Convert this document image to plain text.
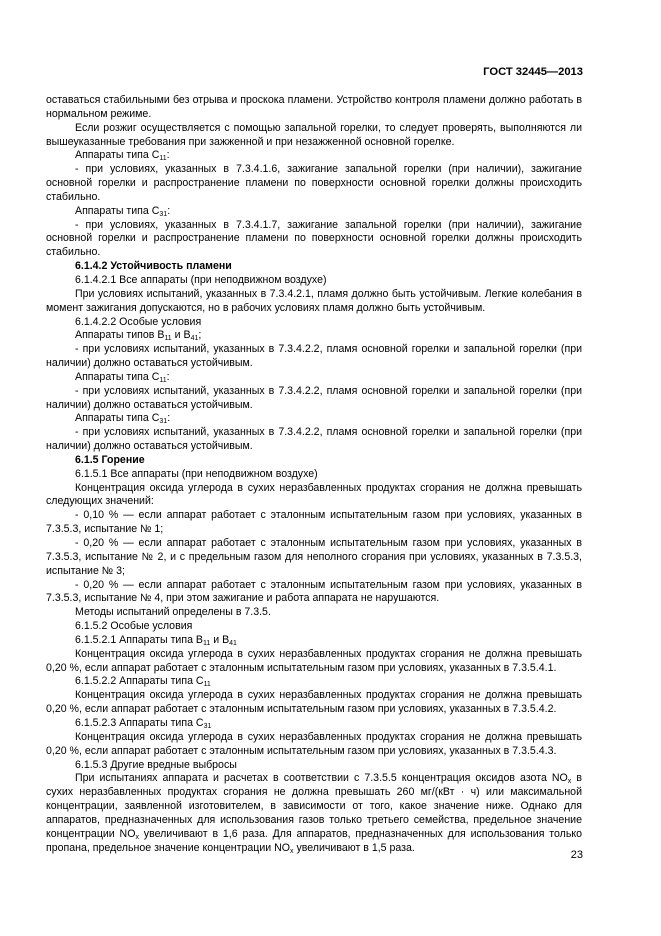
ГОСТ 32445—2013

оставаться стабильными без отрыва и проскока пламени. Устройство контроля пламени должно работать в нормальном режиме.

Если розжиг осуществляется с помощью запальной горелки, то следует проверять, выполняются ли вышеуказанные требования при зажженной и при незажженной основной горелке.

Аппараты типа $С_{11}$:

- при условиях, указанных в 7.3.4.1.6, зажигание запальной горелки (при наличии), зажигание основной горелки и распространение пламени по поверхности основной горелки должны происходить стабильно.

Аппараты типа $С_{31}$:

- при условиях, указанных в 7.3.4.1.7, зажигание запальной горелки (при наличии), зажигание основной горелки и распространение пламени по поверхности основной горелки должны происходить стабильно.

6.1.4.2 Устойчивость пламени

6.1.4.2.1 Все аппараты (при неподвижном воздухе)

При условиях испытаний, указанных в 7.3.4.2.1, пламя должно быть устойчивым. Легкие колебания в момент зажигания допускаются, но в рабочих условиях пламя должно быть устойчивым.

6.1.4.2.2 Особые условия

Аппараты типов $В_{11}$ и $В_{41}$;

- при условиях испытаний, указанных в 7.3.4.2.2, пламя основной горелки и запальной горелки (при наличии) должно оставаться устойчивым.

Аппараты типа $С_{11}$:

- при условиях испытаний, указанных в 7.3.4.2.2, пламя основной горелки и запальной горелки (при наличии) должно оставаться устойчивым.

Аппараты типа $С_{31}$:

- при условиях испытаний, указанных в 7.3.4.2.2, пламя основной горелки и запальной горелки (при наличии) должно оставаться устойчивым.

6.1.5 Горение

6.1.5.1 Все аппараты (при неподвижном воздухе)

Концентрация оксида углерода в сухих неразбавленных продуктах сгорания не должна превышать следующих значений:

- 0,10 % — если аппарат работает с эталонным испытательным газом при условиях, указанных в 7.3.5.3, испытание № 1;

- 0,20 % — если аппарат работает с эталонным испытательным газом при условиях, указанных в 7.3.5.3, испытание № 2, и с предельным газом для неполного сгорания при условиях, указанных в 7.3.5.3, испытание № 3;

- 0,20 % — если аппарат работает с эталонным испытательным газом при условиях, указанных в 7.3.5.3, испытание № 4, при этом зажигание и работа аппарата не нарушаются.

Методы испытаний определены в 7.3.5.

6.1.5.2 Особые условия

6.1.5.2.1 Аппараты типа $В_{11}$ и $В_{41}$

Концентрация оксида углерода в сухих неразбавленных продуктах сгорания не должна превышать 0,20 %, если аппарат работает с эталонным испытательным газом при условиях, указанных в 7.3.5.4.1.

6.1.5.2.2 Аппараты типа $С_{11}$

Концентрация оксида углерода в сухих неразбавленных продуктах сгорания не должна превышать 0,20 %, если аппарат работает с эталонным испытательным газом при условиях, указанных в 7.3.5.4.2.

6.1.5.2.3 Аппараты типа $С_{31}$

Концентрация оксида углерода в сухих неразбавленных продуктах сгорания не должна превышать 0,20 %, если аппарат работает с эталонным испытательным газом при условиях, указанных в 7.3.5.4.3.

6.1.5.3 Другие вредные выбросы

При испытаниях аппарата и расчетах в соответствии с 7.3.5.5 концентрация оксидов азота $NO_x$ в сухих неразбавленных продуктах сгорания не должна превышать 260 мг/(кВт · ч) или максимальной концентрации, заявленной изготовителем, в зависимости от того, какое значение ниже. Однако для аппаратов, предназначенных для использования газов только третьего семейства, предельное значение концентрации $NO_x$ увеличивают в 1,6 раза. Для аппаратов, предназначенных для использования только пропана, предельное значение концентрации $NO_x$ увеличивают в 1,5 раза.

23
